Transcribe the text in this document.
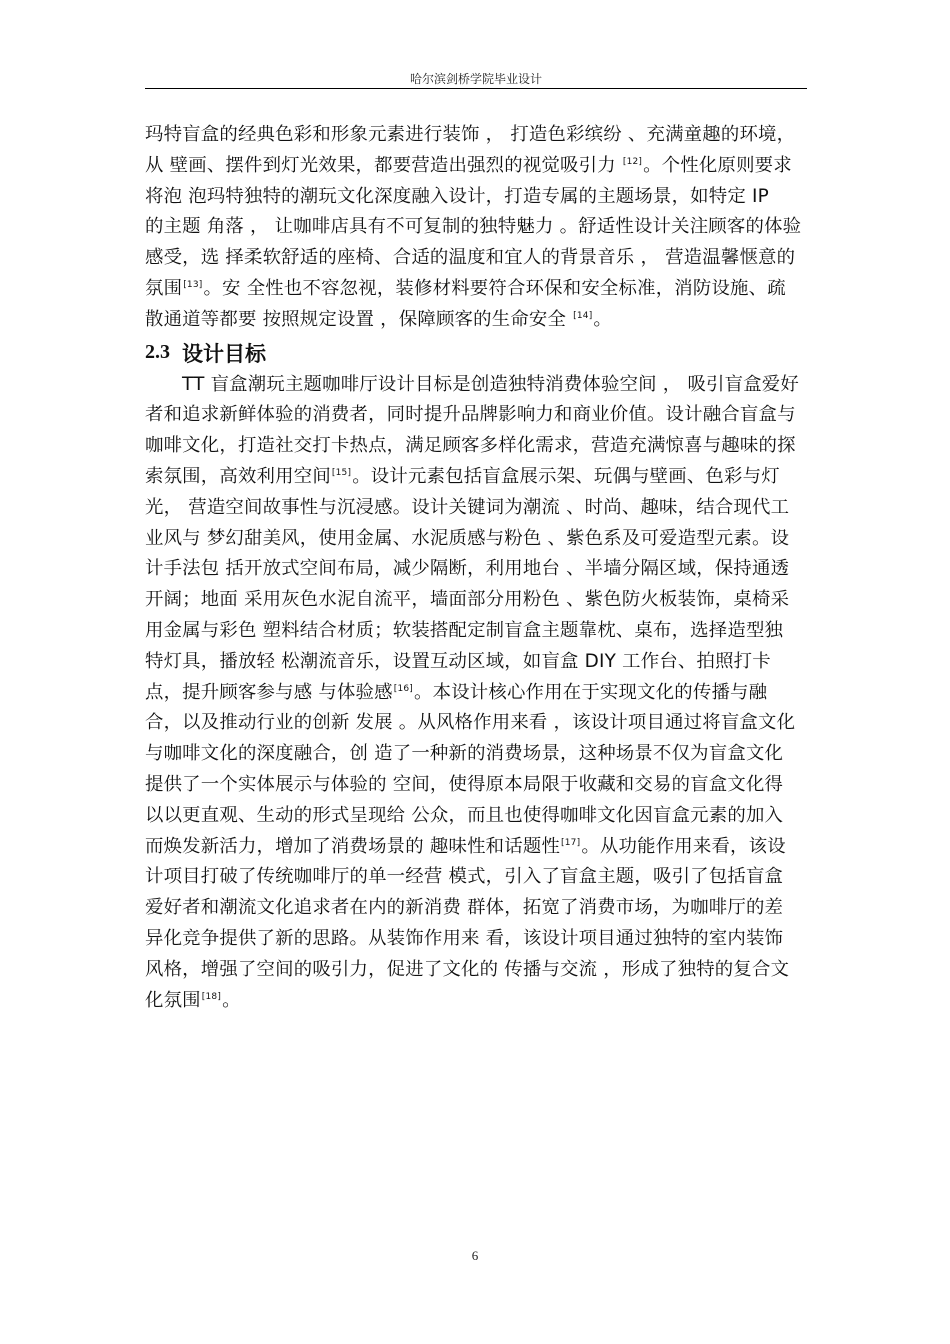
哈尔滨剑桥学院毕业设计

玛特盲盒的经典色彩和形象元素进行装饰 ， 打造色彩缤纷 、充满童趣的环境，
从 壁画、摆件到灯光效果，都要营造出强烈的视觉吸引力 [12]。个性化原则要求
将泡 泡玛特独特的潮玩文化深度融入设计，打造专属的主题场景，如特定 IP
的主题 角落 ， 让咖啡店具有不可复制的独特魅力 。舒适性设计关注顾客的体验
感受，选 择柔软舒适的座椅、合适的温度和宜人的背景音乐 ， 营造温馨惬意的
氛围[13]。安 全性也不容忽视，装修材料要符合环保和安全标准，消防设施、疏
散通道等都要 按照规定设置 ，保障顾客的生命安全 [14]。

2.3 设计目标

TT 盲盒潮玩主题咖啡厅设计目标是创造独特消费体验空间 ， 吸引盲盒爱好
者和追求新鲜体验的消费者，同时提升品牌影响力和商业价值。设计融合盲盒与
咖啡文化，打造社交打卡热点，满足顾客多样化需求，营造充满惊喜与趣味的探
索氛围，高效利用空间[15]。设计元素包括盲盒展示架、玩偶与壁画、色彩与灯
光， 营造空间故事性与沉浸感。设计关键词为潮流 、时尚、趣味，结合现代工
业风与 梦幻甜美风，使用金属、水泥质感与粉色 、紫色系及可爱造型元素。设
计手法包 括开放式空间布局，减少隔断，利用地台 、半墙分隔区域，保持通透
开阔；地面 采用灰色水泥自流平，墙面部分用粉色 、紫色防火板装饰，桌椅采
用金属与彩色 塑料结合材质；软装搭配定制盲盒主题靠枕、桌布，选择造型独
特灯具，播放轻 松潮流音乐，设置互动区域，如盲盒 DIY 工作台、拍照打卡
点，提升顾客参与感 与体验感[16]。本设计核心作用在于实现文化的传播与融
合，以及推动行业的创新 发展 。从风格作用来看 ，该设计项目通过将盲盒文化
与咖啡文化的深度融合，创 造了一种新的消费场景，这种场景不仅为盲盒文化
提供了一个实体展示与体验的 空间，使得原本局限于收藏和交易的盲盒文化得
以以更直观、生动的形式呈现给 公众，而且也使得咖啡文化因盲盒元素的加入
而焕发新活力，增加了消费场景的 趣味性和话题性[17]。从功能作用来看，该设
计项目打破了传统咖啡厅的单一经营 模式，引入了盲盒主题，吸引了包括盲盒
爱好者和潮流文化追求者在内的新消费 群体，拓宽了消费市场，为咖啡厅的差
异化竞争提供了新的思路。从装饰作用来 看，该设计项目通过独特的室内装饰
风格，增强了空间的吸引力，促进了文化的 传播与交流 ，形成了独特的复合文
化氛围[18]。

6
